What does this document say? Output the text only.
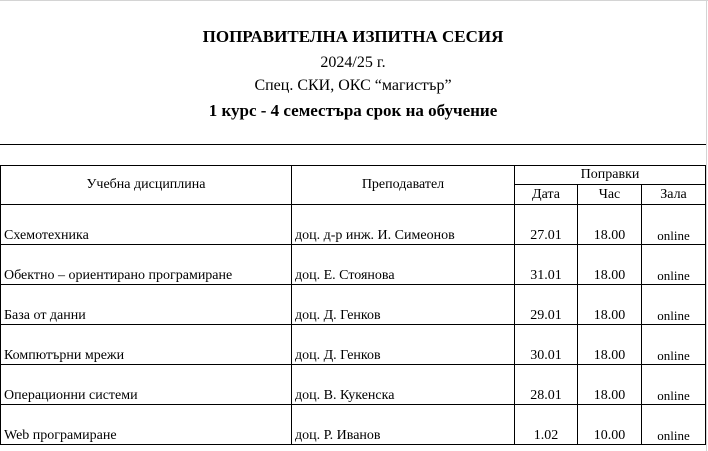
ПОПРАВИТЕЛНА ИЗПИТНА СЕСИЯ
2024/25 г.
Спец. СКИ, ОКС “магистър”
1 курс - 4 семестъра срок на обучение
Учебна дисциплина	Преподавател	Поправки		
		Дата	Час	Зала
Схемотехника	доц. д-р инж. И. Симеонов	27.01	18.00	online
Обектно – ориентирано програмиране	доц. Е. Стоянова	31.01	18.00	online
База от данни	доц. Д. Генков	29.01	18.00	online
Компютърни мрежи	доц. Д. Генков	30.01	18.00	online
Операционни системи	доц. В. Кукенска	28.01	18.00	online
Web програмиране	доц. Р. Иванов	1.02	10.00	online
